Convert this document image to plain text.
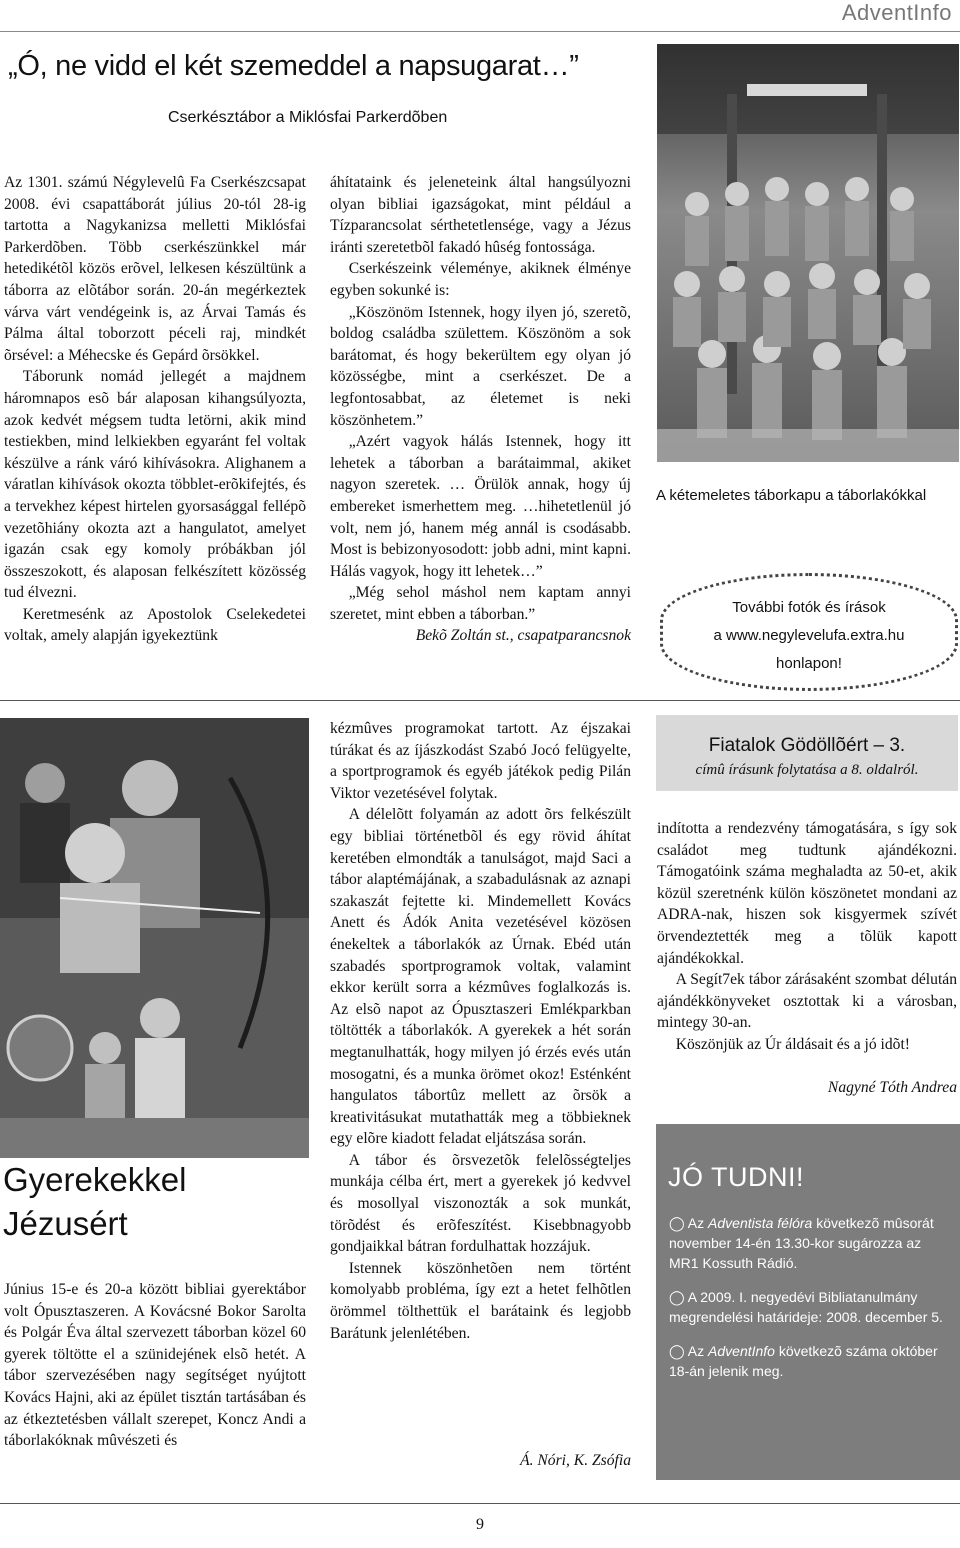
AdventInfo
„Ó, ne vidd el két szemeddel a napsugarat…”
Cserkésztábor a Miklósfai Parkerdõben

Az 1301. számú Négylevelû Fa Cserkészcsapat 2008. évi csapattáborát július 20-tól 28-ig tartotta a Nagykanizsa melletti Miklósfai Parkerdõben. Több cserkészünkkel már hetedikétõl közös erõvel, lelkesen készültünk a táborra az elõtábor során. 20-án megérkeztek várva várt vendégeink is, az Árvai Tamás és Pálma által toborzott péceli raj, mindkét õrsével: a Méhecske és Gepárd õrsökkel.

Táborunk nomád jellegét a majdnem háromnapos esõ bár alaposan kihangsúlyozta, azok kedvét mégsem tudta letörni, akik mind testiekben, mind lelkiekben egyaránt fel voltak készülve a ránk váró kihívásokra. Alighanem a váratlan kihívások okozta többlet-erõkifejtés, és a tervekhez képest hirtelen gyorsasággal fellépõ vezetõhiány okozta azt a hangulatot, amelyet igazán csak egy komoly próbákban jól összeszokott, és alaposan felkészített közösség tud élvezni.

Keretmesénk az Apostolok Cselekedetei voltak, amely alapján igyekeztünk

áhítataink és jeleneteink által hangsúlyozni olyan bibliai igazságokat, mint például a Tízparancsolat sérthetetlensége, vagy a Jézus iránti szeretetbõl fakadó hûség fontossága.

Cserkészeink véleménye, akiknek élménye egyben sokunké is:

„Köszönöm Istennek, hogy ilyen jó, szeretõ, boldog családba születtem. Köszönöm a sok barátomat, és hogy bekerültem egy olyan jó közösségbe, mint a cserkészet. De a legfontosabbat, az életemet is neki köszönhetem.”

„Azért vagyok hálás Istennek, hogy itt lehetek a táborban a barátaimmal, akiket nagyon szeretek. … Örülök annak, hogy új embereket ismerhettem meg. …hihetetlenül jó volt, nem jó, hanem még annál is csodásabb. Most is bebizonyosodott: jobb adni, mint kapni. Hálás vagyok, hogy itt lehetek…”

„Még sehol máshol nem kaptam annyi szeretet, mint ebben a táborban.”

Bekõ Zoltán st., csapatparancsnok

A kétemeletes táborkapu a táborlakókkal
További fotók és írások
a www.negylevelufa.extra.hu
honlapon!
Gyerekekkel
Jézusért

Június 15-e és 20-a között bibliai gyerektábor volt Ópusztaszeren. A Kovácsné Bokor Sarolta és Polgár Éva által szervezett táborban közel 60 gyerek töltötte el a szünidejének elsõ hetét. A tábor szervezésében nagy segítséget nyújtott Kovács Hajni, aki az épület tisztán tartásában és az étkeztetésben vállalt szerepet, Koncz Andi a táborlakóknak mûvészeti és

kézmûves programokat tartott. Az éjszakai túrákat és az íjászkodást Szabó Jocó felügyelte, a sportprogramok és egyéb játékok pedig Pilán Viktor vezetésével folytak.

A délelõtt folyamán az adott õrs felkészült egy bibliai történetbõl és egy rövid áhítat keretében elmondták a tanulságot, majd Saci a tábor alaptémájának, a szabadulásnak az aznapi szakaszát fejtette ki. Mindemellett Kovács Anett és Ádók Anita vezetésével közösen énekeltek a táborlakók az Úrnak. Ebéd után szabadés sportprogramok voltak, valamint ekkor került sorra a kézmûves foglalkozás is. Az elsõ napot az Ópusztaszeri Emlékparkban töltötték a táborlakók. A gyerekek a hét során megtanulhatták, hogy milyen jó érzés evés után mosogatni, és a munka örömet okoz! Esténként hangulatos tábortûz mellett az õrsök a kreativitásukat mutathatták meg a többieknek egy elõre kiadott feladat eljátszása során.

A tábor és õrsvezetõk felelõsségteljes munkája célba ért, mert a gyerekek jó kedvvel és mosollyal viszonozták a sok munkát, törõdést és erõfeszítést. Kisebbnagyobb gondjaikkal bátran fordulhattak hozzájuk.

Istennek köszönhetõen nem történt komolyabb probléma, így ezt a hetet felhõtlen örömmel tölthettük el barátaink és legjobb Barátunk jelenlétében.

Á. Nóri, K. Zsófia
Fiatalok Gödöllõért – 3.
címû írásunk folytatása a 8. oldalról.

indította a rendezvény támogatására, s így sok családot meg tudtunk ajándékozni. Támogatóink száma meghaladta az 50-et, akik közül szeretnénk külön köszönetet mondani az ADRA-nak, hiszen sok kisgyermek szívét örvendeztették meg a tõlük kapott ajándékokkal.

A Segít7ek tábor zárásaként szombat délután ajándékkönyveket osztottak ki a városban, mintegy 30-an.

Köszönjük az Úr áldásait és a jó idõt!

Nagyné Tóth Andrea
JÓ TUDNI!

◯ Az Adventista félóra következõ mûsorát november 14-én 13.30-kor sugározza az MR1 Kossuth Rádió.

◯ A 2009. I. negyedévi Bibliatanulmány megrendelési határideje: 2008. december 5.

◯ Az AdventInfo következõ száma október 18-án jelenik meg.

9
